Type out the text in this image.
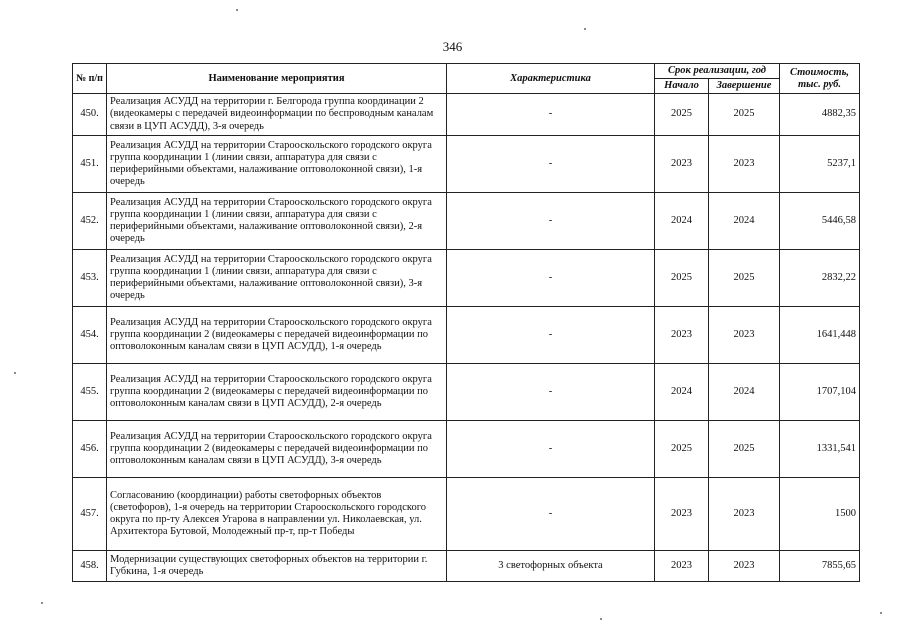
346
№ п/п	Наименование мероприятия	Характеристика	Срок реализации, год		Стоимость, тыс. руб.
			Начало	Завершение	
450.	Реализация АСУДД на территории г. Белгорода группа координации 2 (видеокамеры с передачей видеоинформации по беспроводным каналам связи в ЦУП АСУДД), 3-я очередь	-	2025	2025	4882,35
451.	Реализация АСУДД на территории Старооскольского городского округа группа координации 1 (линии связи, аппаратура для связи с периферийными объектами, налаживание оптоволоконной связи), 1-я очередь	-	2023	2023	5237,1
452.	Реализация АСУДД на территории Старооскольского городского округа группа координации 1 (линии связи, аппаратура для связи с периферийными объектами, налаживание оптоволоконной связи), 2-я очередь	-	2024	2024	5446,58
453.	Реализация АСУДД на территории Старооскольского городского округа группа координации 1 (линии связи, аппаратура для связи с периферийными объектами, налаживание оптоволоконной связи), 3-я очередь	-	2025	2025	2832,22
454.	Реализация АСУДД на территории Старооскольского городского округа группа координации 2 (видеокамеры с передачей видеоинформации по оптоволоконным каналам связи в ЦУП АСУДД), 1-я очередь	-	2023	2023	1641,448
455.	Реализация АСУДД на территории Старооскольского городского округа группа координации 2 (видеокамеры с передачей видеоинформации по оптоволоконным каналам связи в ЦУП АСУДД), 2-я очередь	-	2024	2024	1707,104
456.	Реализация АСУДД на территории Старооскольского городского округа группа координации 2 (видеокамеры с передачей видеоинформации по оптоволоконным каналам связи в ЦУП АСУДД), 3-я очередь	-	2025	2025	1331,541
457.	Согласованию (координации) работы светофорных объектов (светофоров), 1-я очередь на территории Старооскольского городского округа по пр-ту Алексея Угарова в направлении ул. Николаевская, ул. Архитектора Бутовой, Молодежный пр-т, пр-т Победы	-	2023	2023	1500
458.	Модернизации существующих светофорных объектов на территории г. Губкина, 1-я очередь	3 светофорных объекта	2023	2023	7855,65
